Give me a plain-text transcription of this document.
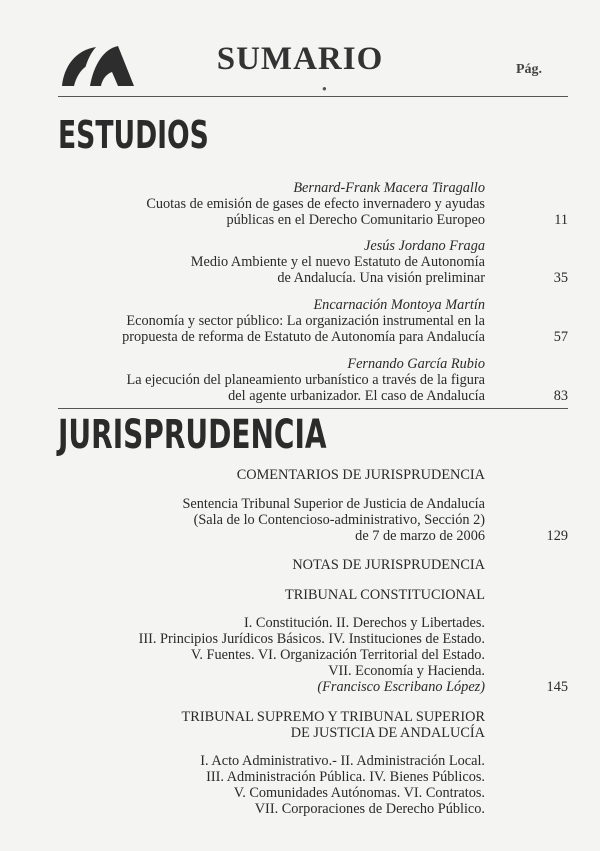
SUMARIO
●
Pág.
ESTUDIOS
Bernard-Frank Macera Tiragallo
Cuotas de emisión de gases de efecto invernadero y ayudas
públicas en el Derecho Comunitario Europeo	11
Jesús Jordano Fraga
Medio Ambiente y el nuevo Estatuto de Autonomía
de Andalucía. Una visión preliminar	35
Encarnación Montoya Martín
Economía y sector público: La organización instrumental en la
propuesta de reforma de Estatuto de Autonomía para Andalucía	57
Fernando García Rubio
La ejecución del planeamiento urbanístico a través de la figura
del agente urbanizador. El caso de Andalucía	83
JURISPRUDENCIA
COMENTARIOS DE JURISPRUDENCIA
Sentencia Tribunal Superior de Justicia de Andalucía
(Sala de lo Contencioso-administrativo, Sección 2)
de 7 de marzo de 2006	129
NOTAS DE JURISPRUDENCIA
TRIBUNAL CONSTITUCIONAL
I. Constitución. II. Derechos y Libertades.
III. Principios Jurídicos Básicos. IV. Instituciones de Estado.
V. Fuentes. VI. Organización Territorial del Estado.
VII. Economía y Hacienda.
(Francisco Escribano López)	145
TRIBUNAL SUPREMO Y TRIBUNAL SUPERIOR
DE JUSTICIA DE ANDALUCÍA
I. Acto Administrativo.- II. Administración Local.
III. Administración Pública. IV. Bienes Públicos.
V. Comunidades Autónomas. VI. Contratos.
VII. Corporaciones de Derecho Público.
